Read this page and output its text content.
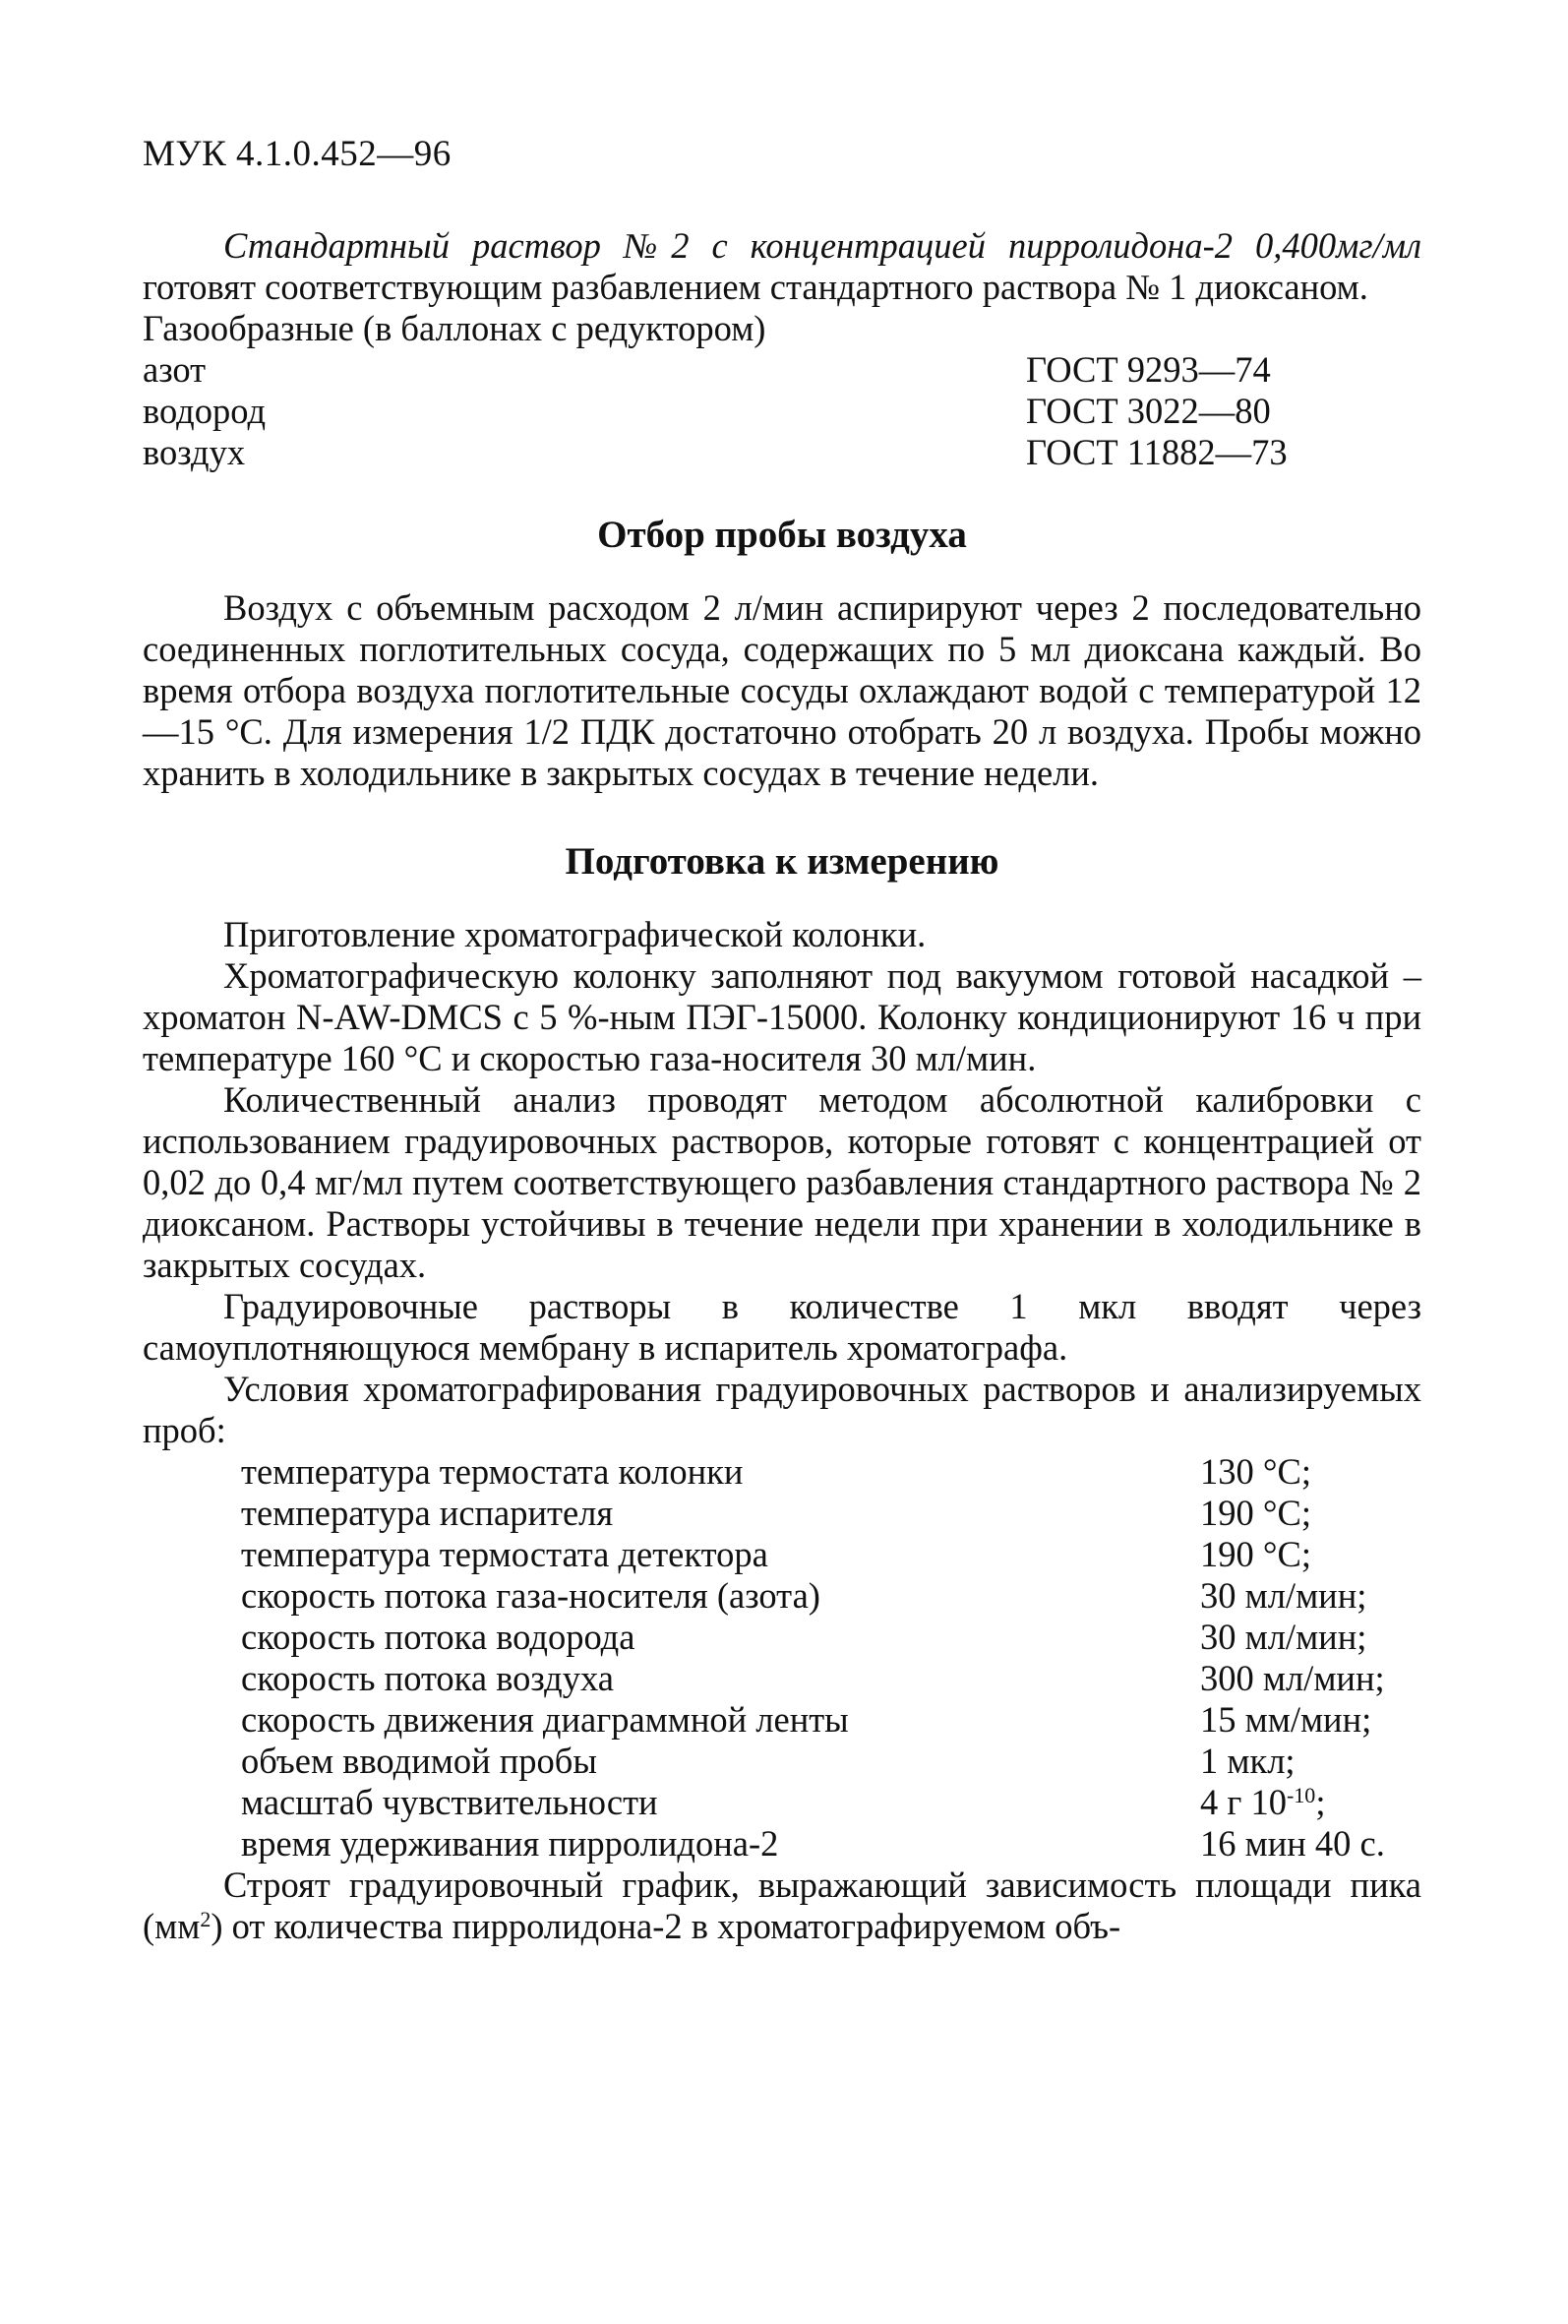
МУК 4.1.0.452—96

Стандартный раствор №2 с концентрацией пирролидона-2 0,400мг/мл готовят соответствующим разбавлением стандартного раствора № 1 диоксаном.

Газообразные (в баллонах с редуктором)

азот	ГОСТ 9293—74
водород	ГОСТ 3022—80
воздух	ГОСТ 11882—73
Отбор пробы воздуха

Воздух с объемным расходом 2 л/мин аспирируют через 2 последовательно соединенных поглотительных сосуда, содержащих по 5 мл диоксана каждый. Во время отбора воздуха поглотительные сосуды охлаждают водой с температурой 12—15 °С. Для измерения 1/2 ПДК достаточно отобрать 20 л воздуха. Пробы можно хранить в холодильнике в закрытых сосудах в течение недели.

Подготовка к измерению

Приготовление хроматографической колонки.

Хроматографическую колонку заполняют под вакуумом готовой насадкой – хроматон N-AW-DMCS с 5 %-ным ПЭГ-15000. Колонку кондиционируют 16 ч при температуре 160 °С и скоростью газа-носителя 30 мл/мин.

Количественный анализ проводят методом абсолютной калибровки с использованием градуировочных растворов, которые готовят с концентрацией от 0,02 до 0,4 мг/мл путем соответствующего разбавления стандартного раствора № 2 диоксаном. Растворы устойчивы в течение недели при хранении в холодильнике в закрытых сосудах.

Градуировочные растворы в количестве 1 мкл вводят через самоуплотняющуюся мембрану в испаритель хроматографа.

Условия хроматографирования градуировочных растворов и анализируемых проб:

температура термостата колонки	130 °С;
температура испарителя	190 °С;
температура термостата детектора	190 °С;
скорость потока газа-носителя (азота)	30 мл/мин;
скорость потока водорода	30 мл/мин;
скорость потока воздуха	300 мл/мин;
скорость движения диаграммной ленты	15 мм/мин;
объем вводимой пробы	1 мкл;
масштаб чувствительности	4 г $10^{-10}$;
время удерживания пирролидона-2	16 мин 40 с.

Строят градуировочный график, выражающий зависимость площади пика $(мм^2)$ от количества пирролидона-2 в хроматографируемом объ-
